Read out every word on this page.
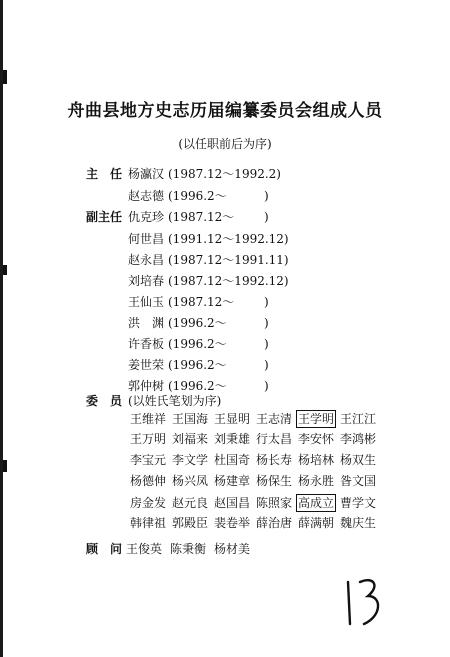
舟曲县地方史志历届编纂委员会组成人员
(以任职前后为序)
主　任 杨瀛汉 (1987.12～1992.2)
赵志德 (1996.2～	)
副主任 仇克珍 (1987.12～ )
何世昌 (1991.12～1992.12)
赵永昌 (1987.12～1991.11)
刘培春 (1987.12～1992.12)
王仙玉 (1987.12～ )
洪　渊 (1996.2～	)
许香板 (1996.2～	)
姜世荣 (1996.2～	)
郭仲树 (1996.2～	)
委　员 (以姓氏笔划为序)
王维祥 王国海 王显明 王志清 王学明 王江江
王万明 刘福来 刘秉雄 行太昌 李安怀 李鸿彬
李宝元 李文学 杜国奇 杨长寿 杨培林 杨双生
杨德伸 杨兴凤 杨建章 杨保生 杨永胜 昝文国
房金发 赵元良 赵国昌 陈照家 高成立 曹学文
韩律祖 郭殿臣 裴卷举 薛治唐 薛满朝 魏庆生
顾　问 王俊英 陈秉衡 杨材美
